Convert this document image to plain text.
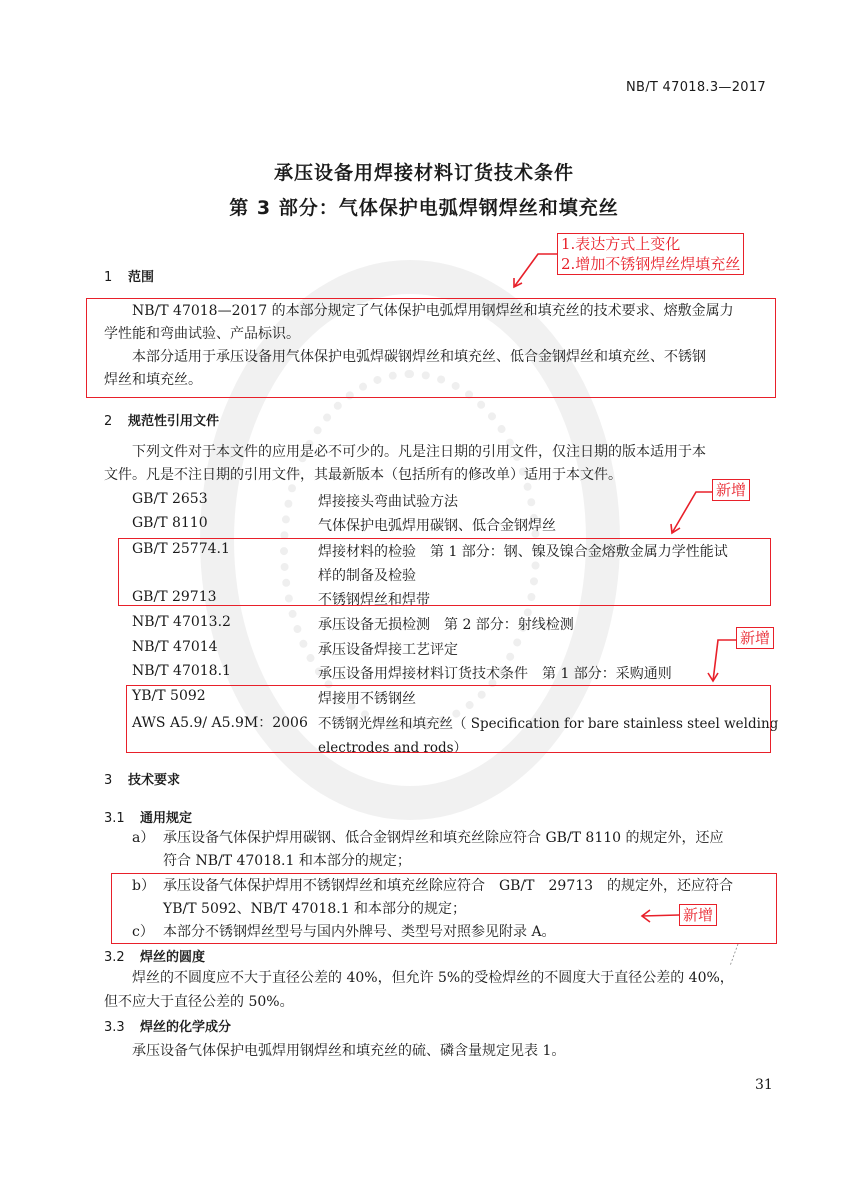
NB/T 47018.3—2017
承压设备用焊接材料订货技术条件
第 3 部分：气体保护电弧焊钢焊丝和填充丝
1 范围
NB/T 47018—2017 的本部分规定了气体保护电弧焊用钢焊丝和填充丝的技术要求、熔敷金属力
学性能和弯曲试验、产品标识。
本部分适用于承压设备用气体保护电弧焊碳钢焊丝和填充丝、低合金钢焊丝和填充丝、不锈钢
焊丝和填充丝。
2 规范性引用文件
下列文件对于本文件的应用是必不可少的。凡是注日期的引用文件，仅注日期的版本适用于本
文件。凡是不注日期的引用文件，其最新版本（包括所有的修改单）适用于本文件。
GB/T 2653	焊接接头弯曲试验方法
GB/T 8110	气体保护电弧焊用碳钢、低合金钢焊丝
GB/T 25774.1	焊接材料的检验　第 1 部分：钢、镍及镍合金熔敷金属力学性能试
样的制备及检验
GB/T 29713	不锈钢焊丝和焊带
NB/T 47013.2	承压设备无损检测　第 2 部分：射线检测
NB/T 47014	承压设备焊接工艺评定
NB/T 47018.1	承压设备用焊接材料订货技术条件　第 1 部分：采购通则
YB/T 5092	焊接用不锈钢丝
AWS A5.9/ A5.9M：2006 不锈钢光焊丝和填充丝（ Specification for bare stainless steel welding
electrodes and rods）
3 技术要求
3.1 通用规定
a） 承压设备气体保护焊用碳钢、低合金钢焊丝和填充丝除应符合 GB/T 8110 的规定外，还应
符合 NB/T 47018.1 和本部分的规定；
b） 承压设备气体保护焊用不锈钢焊丝和填充丝除应符合　GB/T　29713　的规定外，还应符合
YB/T 5092、NB/T 47018.1 和本部分的规定；
c） 本部分不锈钢焊丝型号与国内外牌号、类型号对照参见附录 A。
3.2 焊丝的圆度
焊丝的不圆度应不大于直径公差的 40%，但允许 5%的受检焊丝的不圆度大于直径公差的 40%，
但不应大于直径公差的 50%。
3.3 焊丝的化学成分
承压设备气体保护电弧焊用钢焊丝和填充丝的硫、磷含量规定见表 1。
31
1.表达方式上变化
2.增加不锈钢焊丝焊填充丝
新增
新增
新增
